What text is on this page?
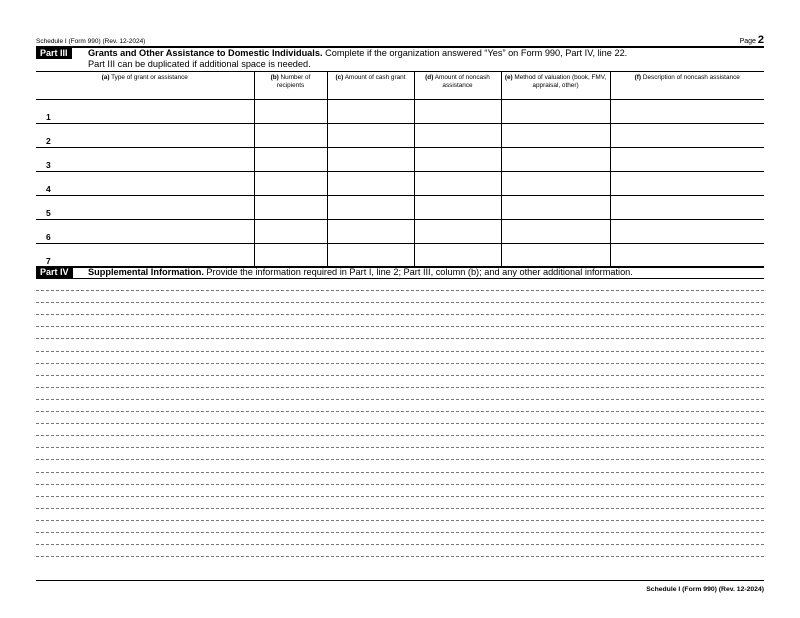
Schedule I (Form 990) (Rev. 12-2024)	Page 2
Part III	Grants and Other Assistance to Domestic Individuals. Complete if the organization answered “Yes” on Form 990, Part IV, line 22.
Part III can be duplicated if additional space is needed.
(a) Type of grant or assistance	(b) Number of recipients	(c) Amount of cash grant	(d) Amount of noncash assistance	(e) Method of valuation (book, FMV, appraisal, other)	(f) Description of noncash assistance

1					

2					

3					

4					

5					

6					

7					

Part IV	Supplemental Information. Provide the information required in Part I, line 2; Part III, column (b); and any other additional information.
Schedule I (Form 990) (Rev. 12-2024)
